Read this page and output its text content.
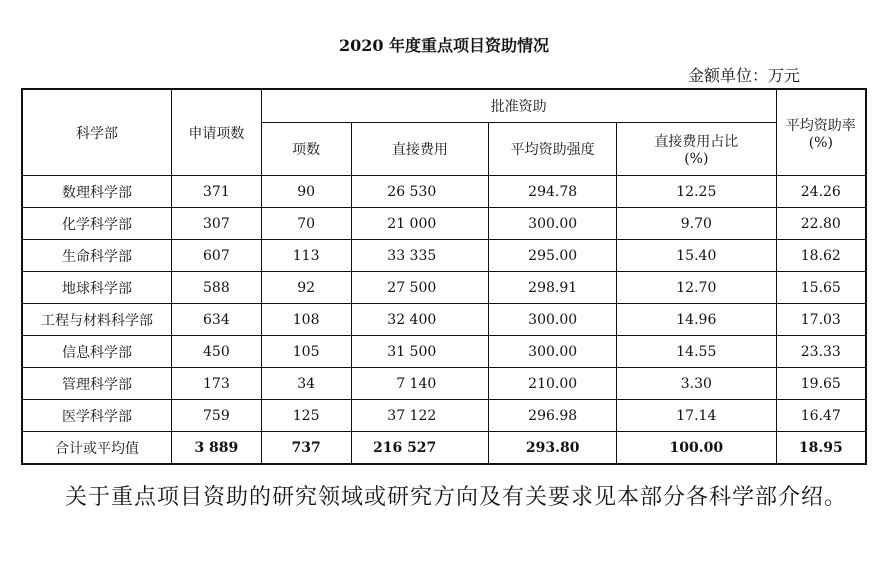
2020 年度重点项目资助情况
金额单位：万元
科学部	申请项数	批准资助				平均资助率
(%)

		项数	直接费用	平均资助强度	直接费用占比
(%)	

数理科学部	371	90	26 530	294.78	12.25	24.26
化学科学部	307	70	21 000	300.00	9.70	22.80
生命科学部	607	113	33 335	295.00	15.40	18.62
地球科学部	588	92	27 500	298.91	12.70	15.65
工程与材料科学部	634	108	32 400	300.00	14.96	17.03
信息科学部	450	105	31 500	300.00	14.55	23.33
管理科学部	173	34	7 140	210.00	3.30	19.65
医学科学部	759	125	37 122	296.98	17.14	16.47
合计或平均值	3 889	737	216 527	293.80	100.00	18.95
关于重点项目资助的研究领域或研究方向及有关要求见本部分各科学部介绍。
